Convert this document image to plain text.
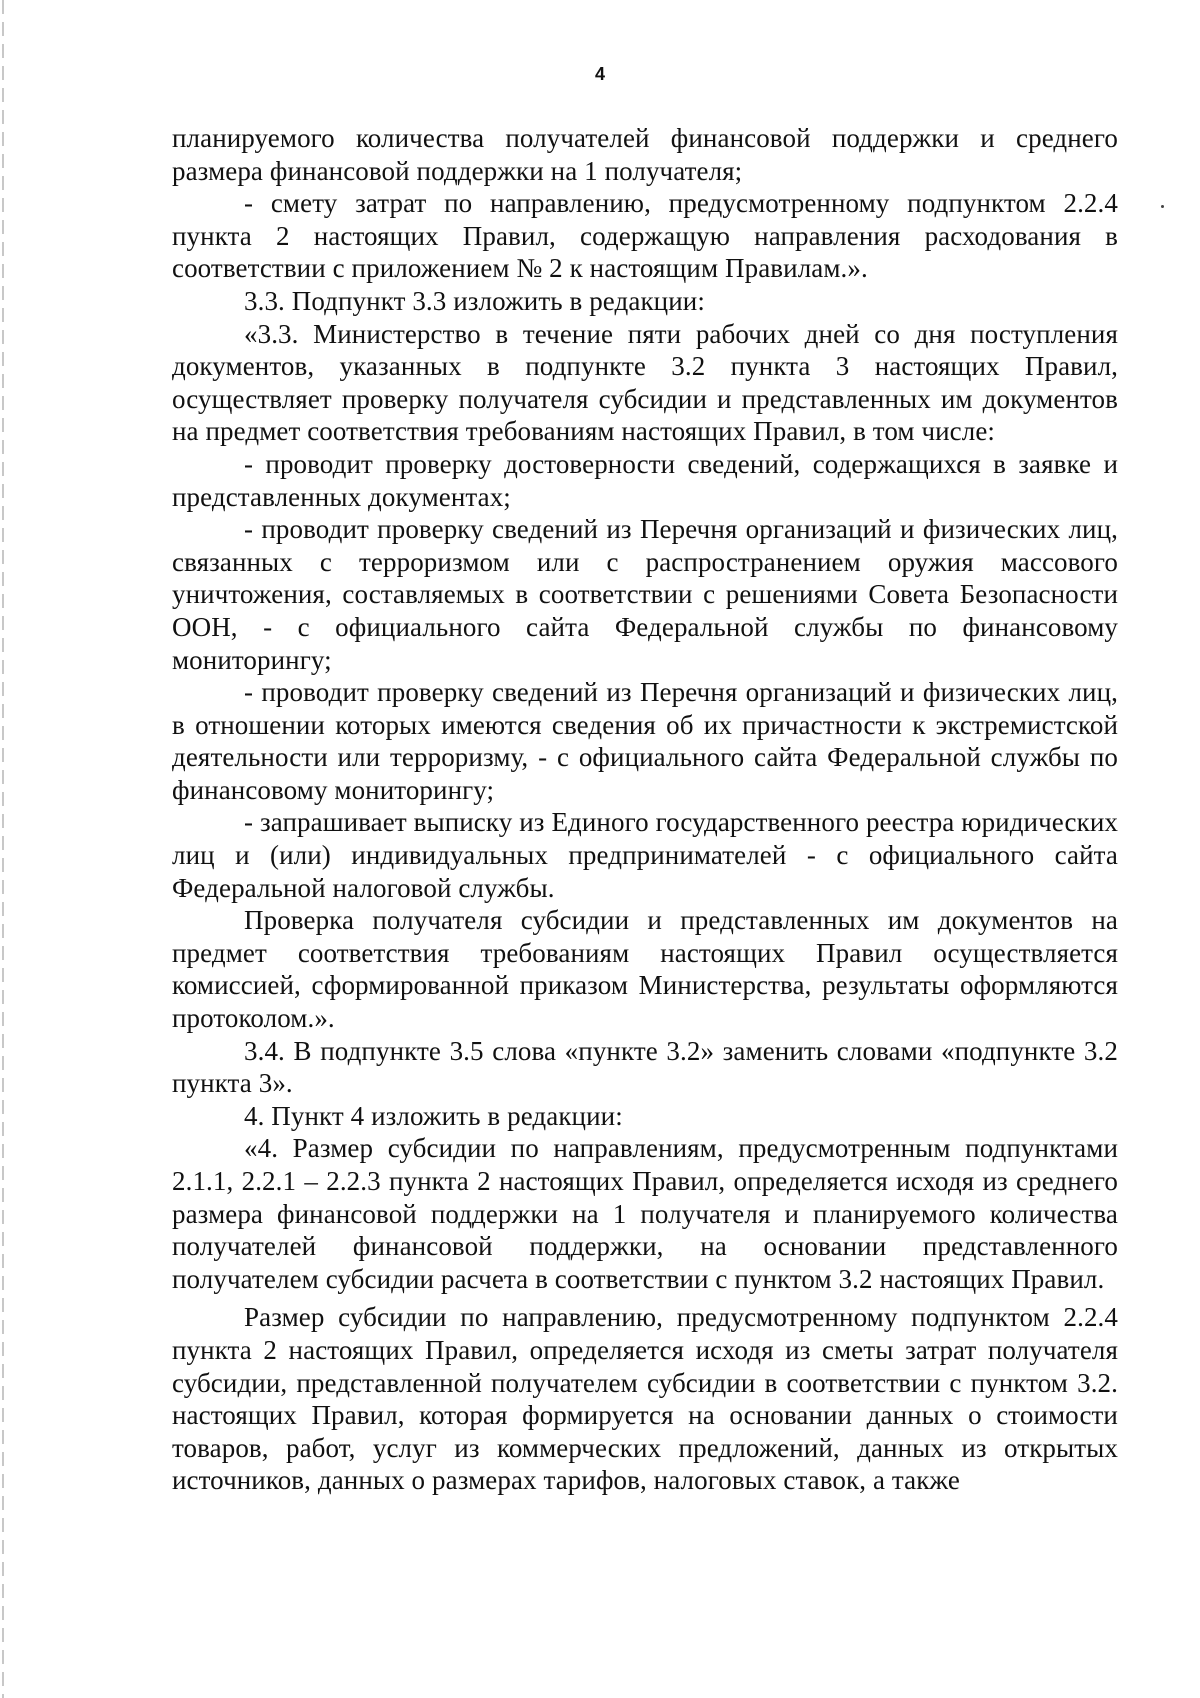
4

планируемого количества получателей финансовой поддержки и среднего размера финансовой поддержки на 1 получателя;

- смету затрат по направлению, предусмотренному подпунктом 2.2.4 пункта 2 настоящих Правил, содержащую направления расходования в соответствии с приложением № 2 к настоящим Правилам.».

3.3. Подпункт 3.3 изложить в редакции:

«3.3. Министерство в течение пяти рабочих дней со дня поступления документов, указанных в подпункте 3.2 пункта 3 настоящих Правил, осуществляет проверку получателя субсидии и представленных им документов на предмет соответствия требованиям настоящих Правил, в том числе:

- проводит проверку достоверности сведений, содержащихся в заявке и представленных документах;

- проводит проверку сведений из Перечня организаций и физических лиц, связанных с терроризмом или с распространением оружия массового уничтожения, составляемых в соответствии с решениями Совета Безопасности ООН, - с официального сайта Федеральной службы по финансовому мониторингу;

- проводит проверку сведений из Перечня организаций и физических лиц, в отношении которых имеются сведения об их причастности к экстремистской деятельности или терроризму, - с официального сайта Федеральной службы по финансовому мониторингу;

- запрашивает выписку из Единого государственного реестра юридических лиц и (или) индивидуальных предпринимателей - с официального сайта Федеральной налоговой службы.

Проверка получателя субсидии и представленных им документов на предмет соответствия требованиям настоящих Правил осуществляется комиссией, сформированной приказом Министерства, результаты оформляются протоколом.».

3.4. В подпункте 3.5 слова «пункте 3.2» заменить словами «подпункте 3.2 пункта 3».

4. Пункт 4 изложить в редакции:

«4. Размер субсидии по направлениям, предусмотренным подпунктами 2.1.1, 2.2.1 – 2.2.3 пункта 2 настоящих Правил, определяется исходя из среднего размера финансовой поддержки на 1 получателя и планируемого количества получателей финансовой поддержки, на основании представленного получателем субсидии расчета в соответствии с пунктом 3.2 настоящих Правил.

Размер субсидии по направлению, предусмотренному подпунктом 2.2.4 пункта 2 настоящих Правил, определяется исходя из сметы затрат получателя субсидии, представленной получателем субсидии в соответствии с пунктом 3.2. настоящих Правил, которая формируется на основании данных о стоимости товаров, работ, услуг из коммерческих предложений, данных из открытых источников, данных о размерах тарифов, налоговых ставок, а также
